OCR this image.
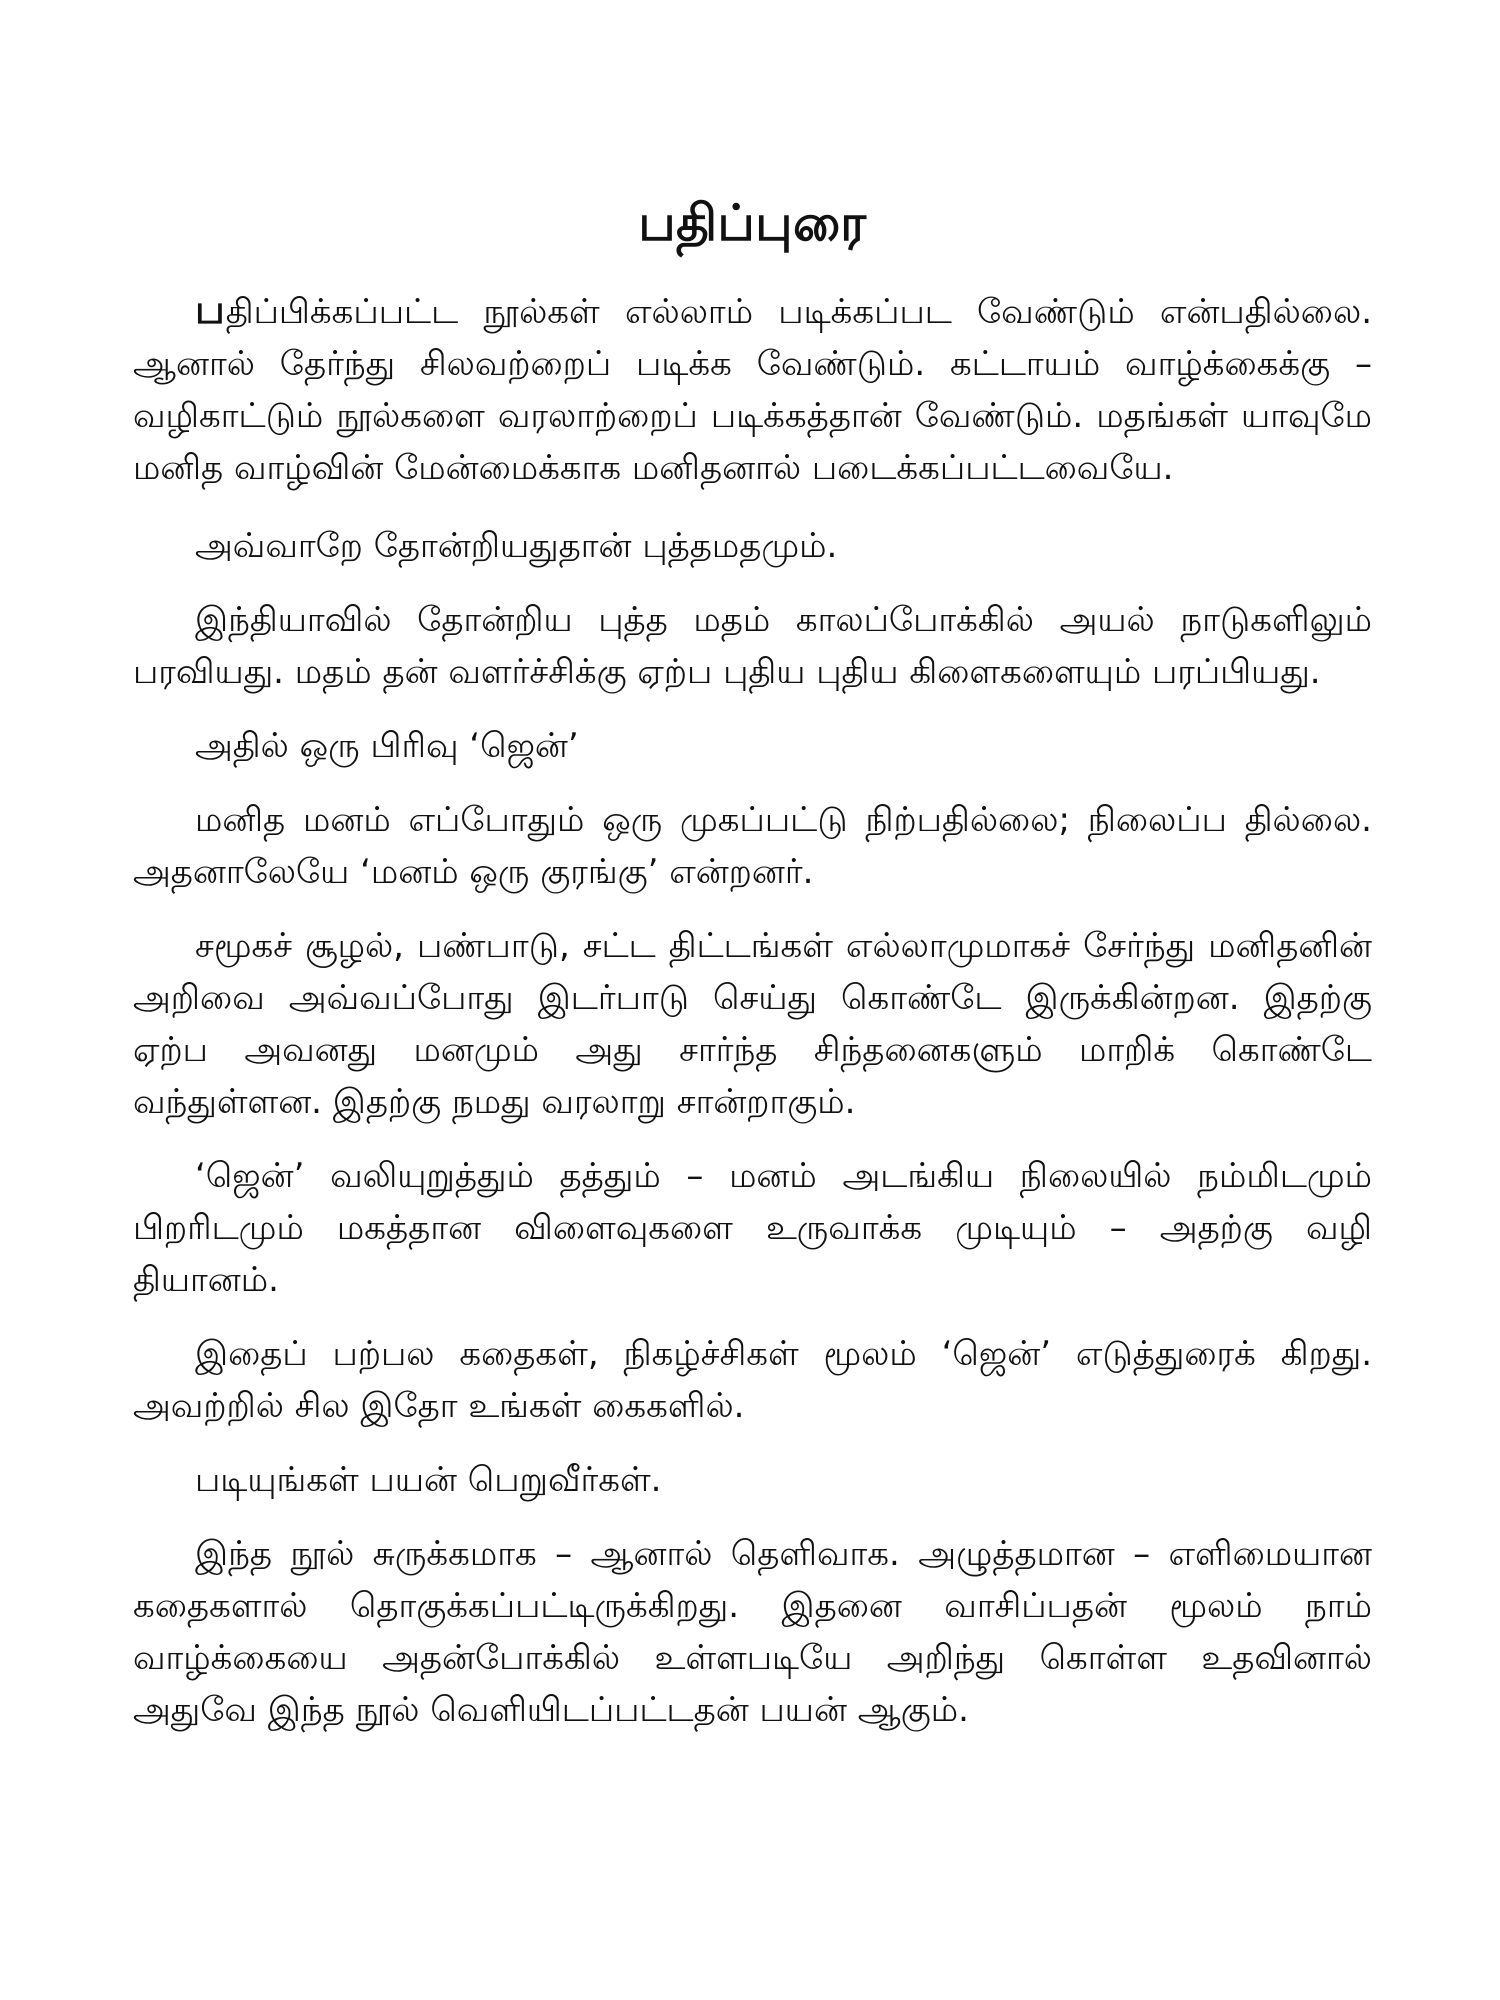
பதிப்புரை

பதிப்பிக்கப்பட்ட நூல்கள் எல்லாம் படிக்கப்பட வேண்டும் என்பதில்லை. ஆனால் தேர்ந்து சிலவற்றைப் படிக்க வேண்டும். கட்டாயம் வாழ்க்கைக்கு – வழிகாட்டும் நூல்களை வரலாற்றைப் படிக்கத்தான் வேண்டும். மதங்கள் யாவுமே மனித வாழ்வின் மேன்மைக்காக மனிதனால் படைக்கப்பட்டவையே.

அவ்வாறே தோன்றியதுதான் புத்தமதமும்.

இந்தியாவில் தோன்றிய புத்த மதம் காலப்போக்கில் அயல் நாடுகளிலும் பரவியது. மதம் தன் வளர்ச்சிக்கு ஏற்ப புதிய புதிய கிளைகளையும் பரப்பியது.

அதில் ஒரு பிரிவு ‘ஜென்’

மனித மனம் எப்போதும் ஒரு முகப்பட்டு நிற்பதில்லை; நிலைப்ப தில்லை. அதனாலேயே ‘மனம் ஒரு குரங்கு’ என்றனர்.

சமூகச் சூழல், பண்பாடு, சட்ட திட்டங்கள் எல்லாமுமாகச் சேர்ந்து மனிதனின் அறிவை அவ்வப்போது இடர்பாடு செய்து கொண்டே இருக்கின்றன. இதற்கு ஏற்ப அவனது மனமும் அது சார்ந்த சிந்தனைகளும் மாறிக் கொண்டே வந்துள்ளன. இதற்கு நமது வரலாறு சான்றாகும்.

‘ஜென்’ வலியுறுத்தும் தத்தும் – மனம் அடங்கிய நிலையில் நம்மிடமும் பிறரிடமும் மகத்தான விளைவுகளை உருவாக்க முடியும் – அதற்கு வழி தியானம்.

இதைப் பற்பல கதைகள், நிகழ்ச்சிகள் மூலம் ‘ஜென்’ எடுத்துரைக் கிறது. அவற்றில் சில இதோ உங்கள் கைகளில்.

படியுங்கள் பயன் பெறுவீர்கள்.

இந்த நூல் சுருக்கமாக – ஆனால் தெளிவாக. அழுத்தமான – எளிமையான கதைகளால் தொகுக்கப்பட்டிருக்கிறது. இதனை வாசிப்பதன் மூலம் நாம் வாழ்க்கையை அதன்போக்கில் உள்ளபடியே அறிந்து கொள்ள உதவினால் அதுவே இந்த நூல் வெளியிடப்பட்டதன் பயன் ஆகும்.
